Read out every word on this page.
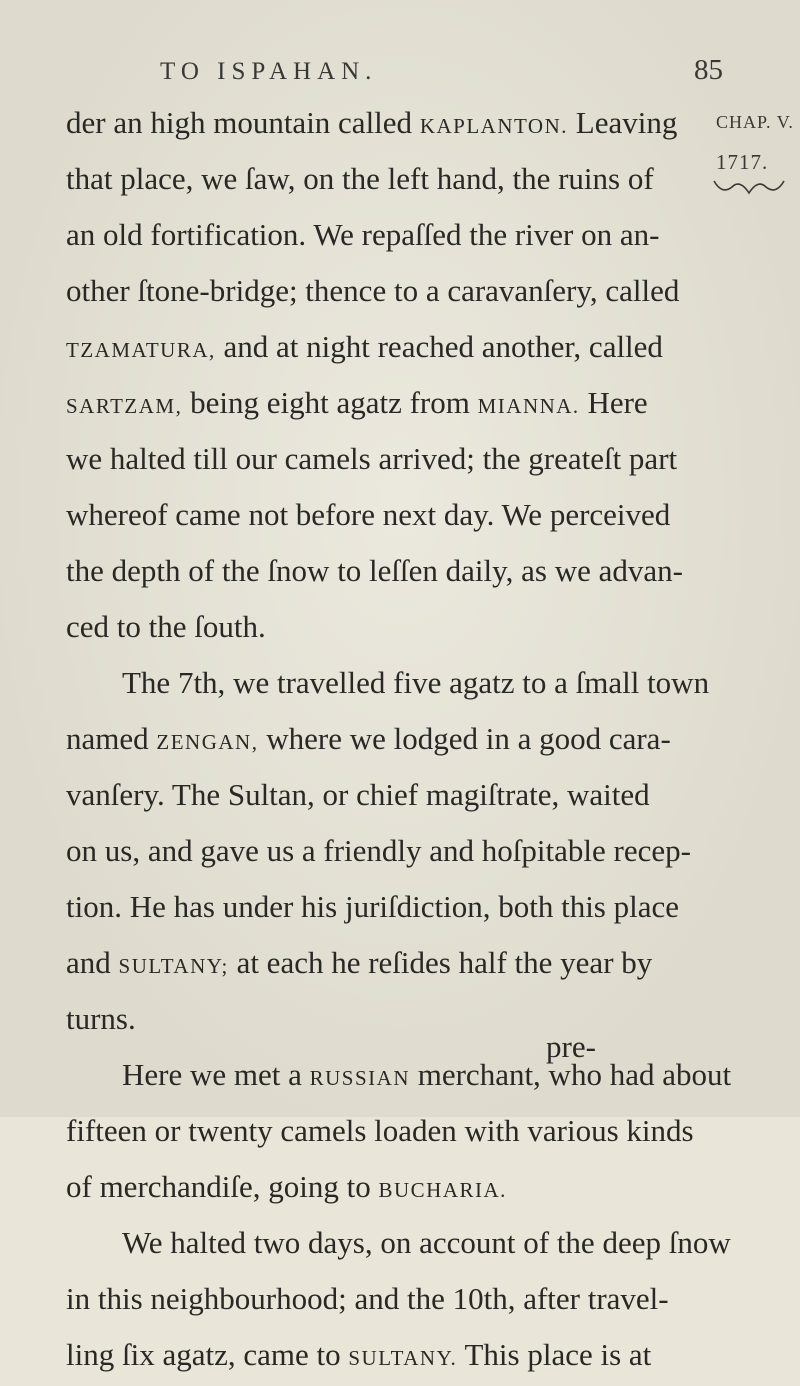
TO ISPAHAN.	85
CHAP. V.
1717.
der an high mountain called KAPLANTON. Leaving
that place, we ſaw, on the left hand, the ruins of
an old fortification. We repaſſed the river on an-
other ſtone-bridge; thence to a caravanſery, called
TZAMATURA, and at night reached another, called
SARTZAM, being eight agatz from MIANNA. Here
we halted till our camels arrived; the greateſt part
whereof came not before next day. We perceived
the depth of the ſnow to leſſen daily, as we advan-
ced to the ſouth.
The 7th, we travelled five agatz to a ſmall town
named ZENGAN, where we lodged in a good cara-
vanſery. The Sultan, or chief magiſtrate, waited
on us, and gave us a friendly and hoſpitable recep-
tion. He has under his juriſdiction, both this place
and SULTANY; at each he reſides half the year by
turns.
Here we met a RUSSIAN merchant, who had about
fifteen or twenty camels loaden with various kinds
of merchandiſe, going to BUCHARIA.
We halted two days, on account of the deep ſnow
in this neighbourhood; and the 10th, after travel-
ling ſix agatz, came to SULTANY. This place is at
pre-
